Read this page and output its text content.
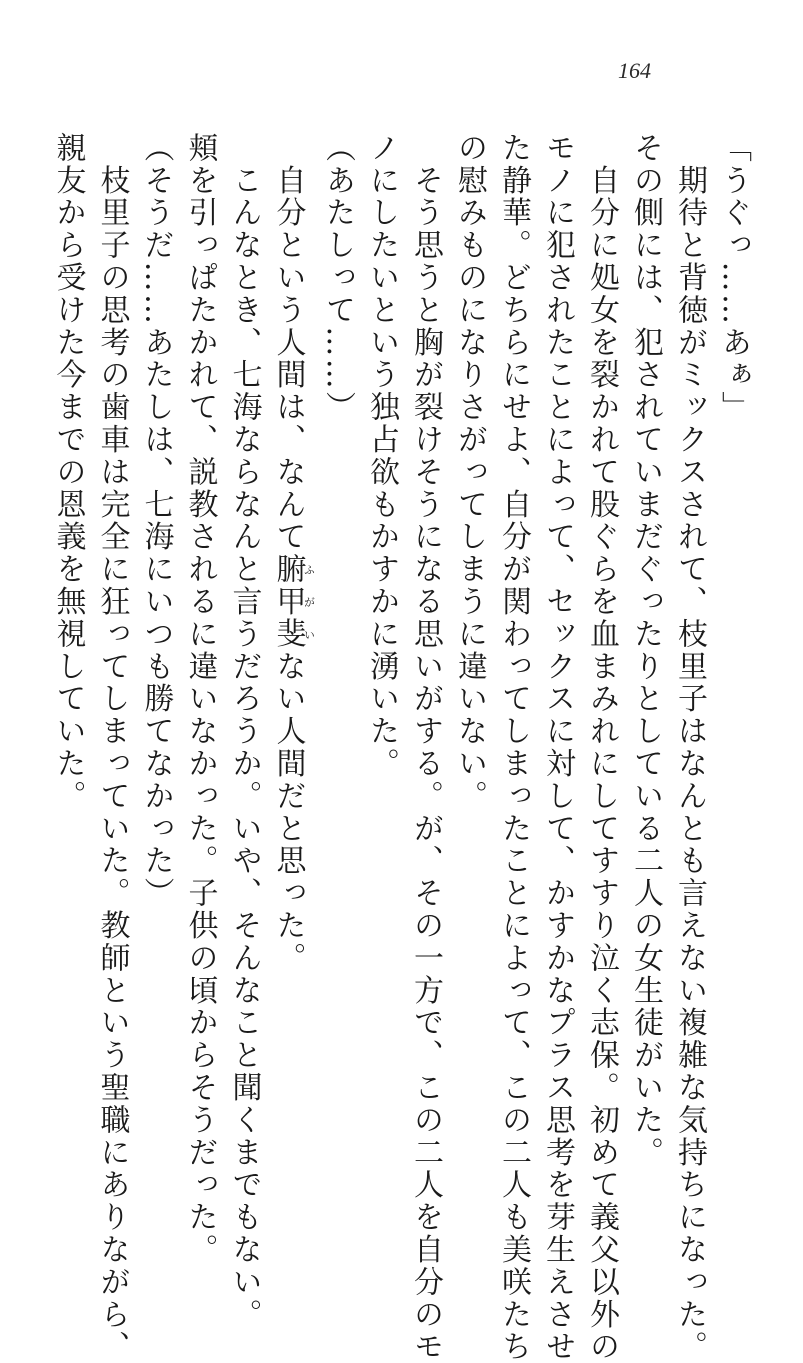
164
「うぐっ……あぁ」
　期待と背徳がミックスされて、枝里子はなんとも言えない複雑な気持ちになった。
その側には、犯されていまだぐったりとしている二人の女生徒がいた。
　自分に処女を裂かれて股ぐらを血まみれにしてすすり泣く志保。初めて義父以外の
モノに犯されたことによって、セックスに対して、かすかなプラス思考を芽生えさせ
た静華。どちらにせよ、自分が関わってしまったことによって、この二人も美咲たち
の慰みものになりさがってしまうに違いない。
　そう思うと胸が裂けそうになる思いがする。が、その一方で、この二人を自分のモ
ノにしたいという独占欲もかすかに湧いた。
（あたしって……）
　自分という人間は、なんて腑甲斐ふがいない人間だと思った。
　こんなとき、七海ならなんと言うだろうか。いや、そんなこと聞くまでもない。
頬を引っぱたかれて、説教されるに違いなかった。子供の頃からそうだった。
（そうだ……あたしは、七海にいつも勝てなかった）
　枝里子の思考の歯車は完全に狂ってしまっていた。教師という聖職にありながら、
親友から受けた今までの恩義を無視していた。
